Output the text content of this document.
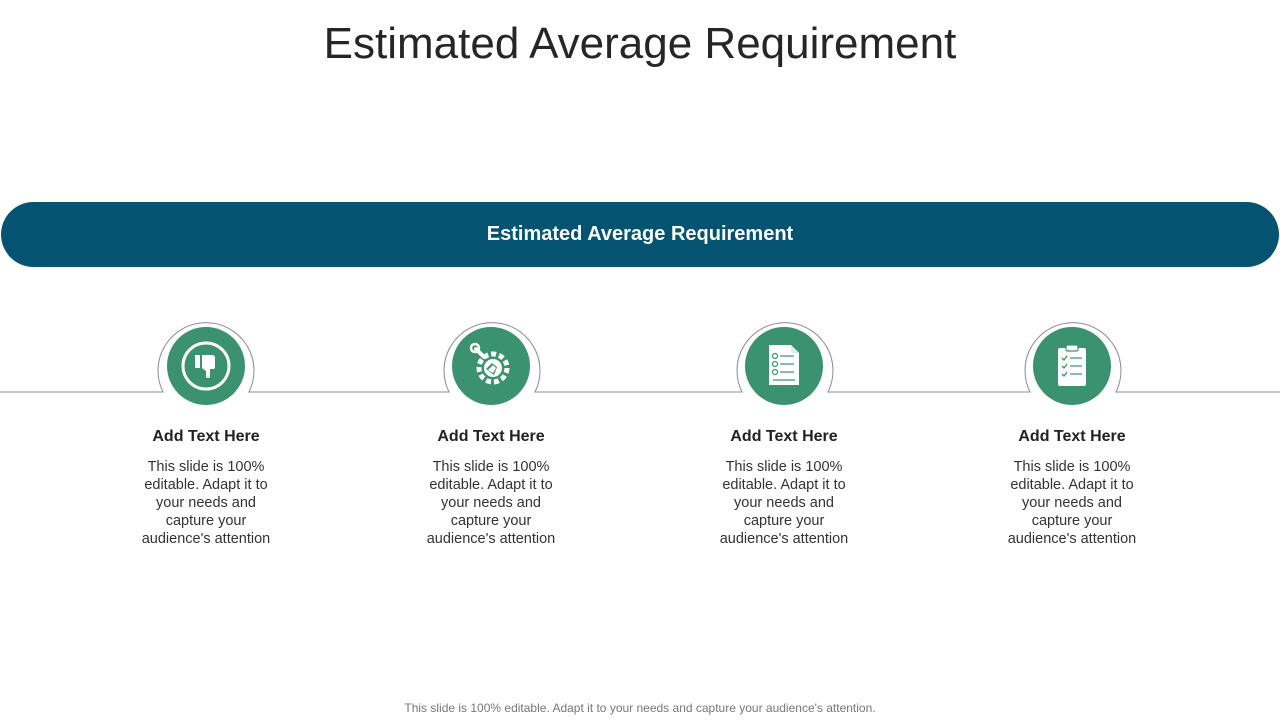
Estimated Average Requirement
Estimated Average Requirement
Add Text Here
This slide is 100% editable. Adapt it to your needs and capture your audience's attention
Add Text Here
This slide is 100% editable. Adapt it to your needs and capture your audience's attention
Add Text Here
This slide is 100% editable. Adapt it to your needs and capture your audience's attention
Add Text Here
This slide is 100% editable. Adapt it to your needs and capture your audience's attention
This slide is 100% editable. Adapt it to your needs and capture your audience's attention.
